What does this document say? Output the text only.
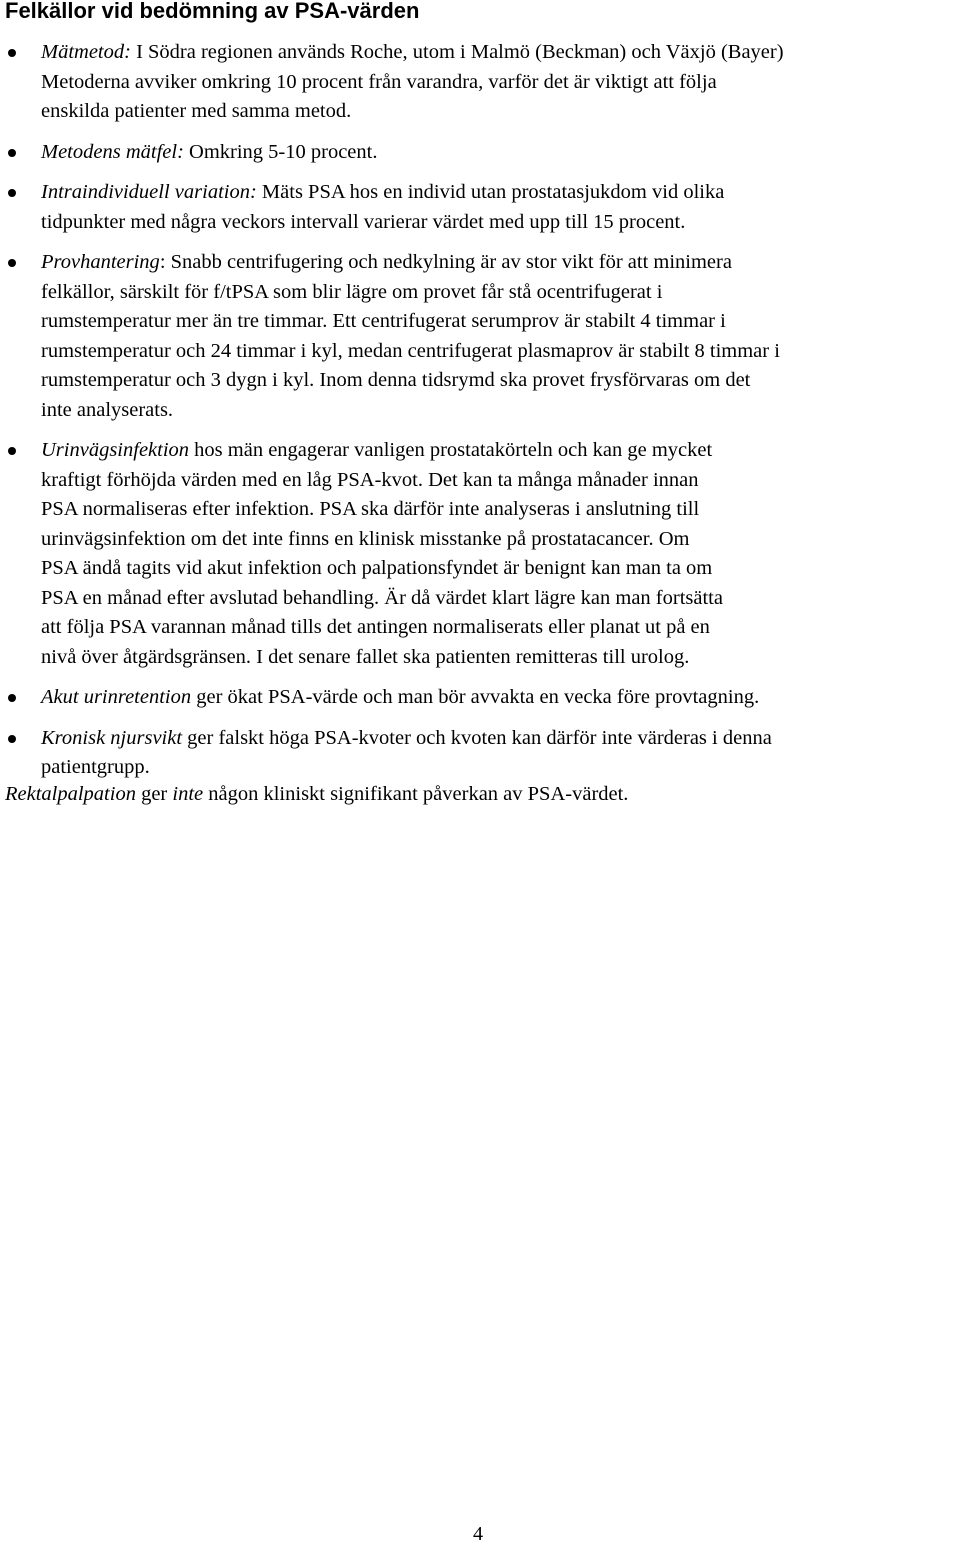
Felkällor vid bedömning av PSA-värden
Mätmetod: I Södra regionen används Roche, utom i Malmö (Beckman) och Växjö (Bayer)
Metoderna avviker omkring 10 procent från varandra, varför det är viktigt att följa
enskilda patienter med samma metod.
Metodens mätfel: Omkring 5-10 procent.
Intraindividuell variation: Mäts PSA hos en individ utan prostatasjukdom vid olika
tidpunkter med några veckors intervall varierar värdet med upp till 15 procent.
Provhantering: Snabb centrifugering och nedkylning är av stor vikt för att minimera
felkällor, särskilt för f/tPSA som blir lägre om provet får stå ocentrifugerat i
rumstemperatur mer än tre timmar. Ett centrifugerat serumprov är stabilt 4 timmar i
rumstemperatur och 24 timmar i kyl, medan centrifugerat plasmaprov är stabilt 8 timmar i
rumstemperatur och 3 dygn i kyl. Inom denna tidsrymd ska provet frysförvaras om det
inte analyserats.
Urinvägsinfektion hos män engagerar vanligen prostatakörteln och kan ge mycket
kraftigt förhöjda värden med en låg PSA-kvot. Det kan ta många månader innan
PSA normaliseras efter infektion. PSA ska därför inte analyseras i anslutning till
urinvägsinfektion om det inte finns en klinisk misstanke på prostatacancer. Om
PSA ändå tagits vid akut infektion och palpationsfyndet är benignt kan man ta om
PSA en månad efter avslutad behandling. Är då värdet klart lägre kan man fortsätta
att följa PSA varannan månad tills det antingen normaliserats eller planat ut på en
nivå över åtgärdsgränsen. I det senare fallet ska patienten remitteras till urolog.
Akut urinretention ger ökat PSA-värde och man bör avvakta en vecka före provtagning.
Kronisk njursvikt ger falskt höga PSA-kvoter och kvoten kan därför inte värderas i denna
patientgrupp.

Rektalpalpation ger inte någon kliniskt signifikant påverkan av PSA-värdet.

4
